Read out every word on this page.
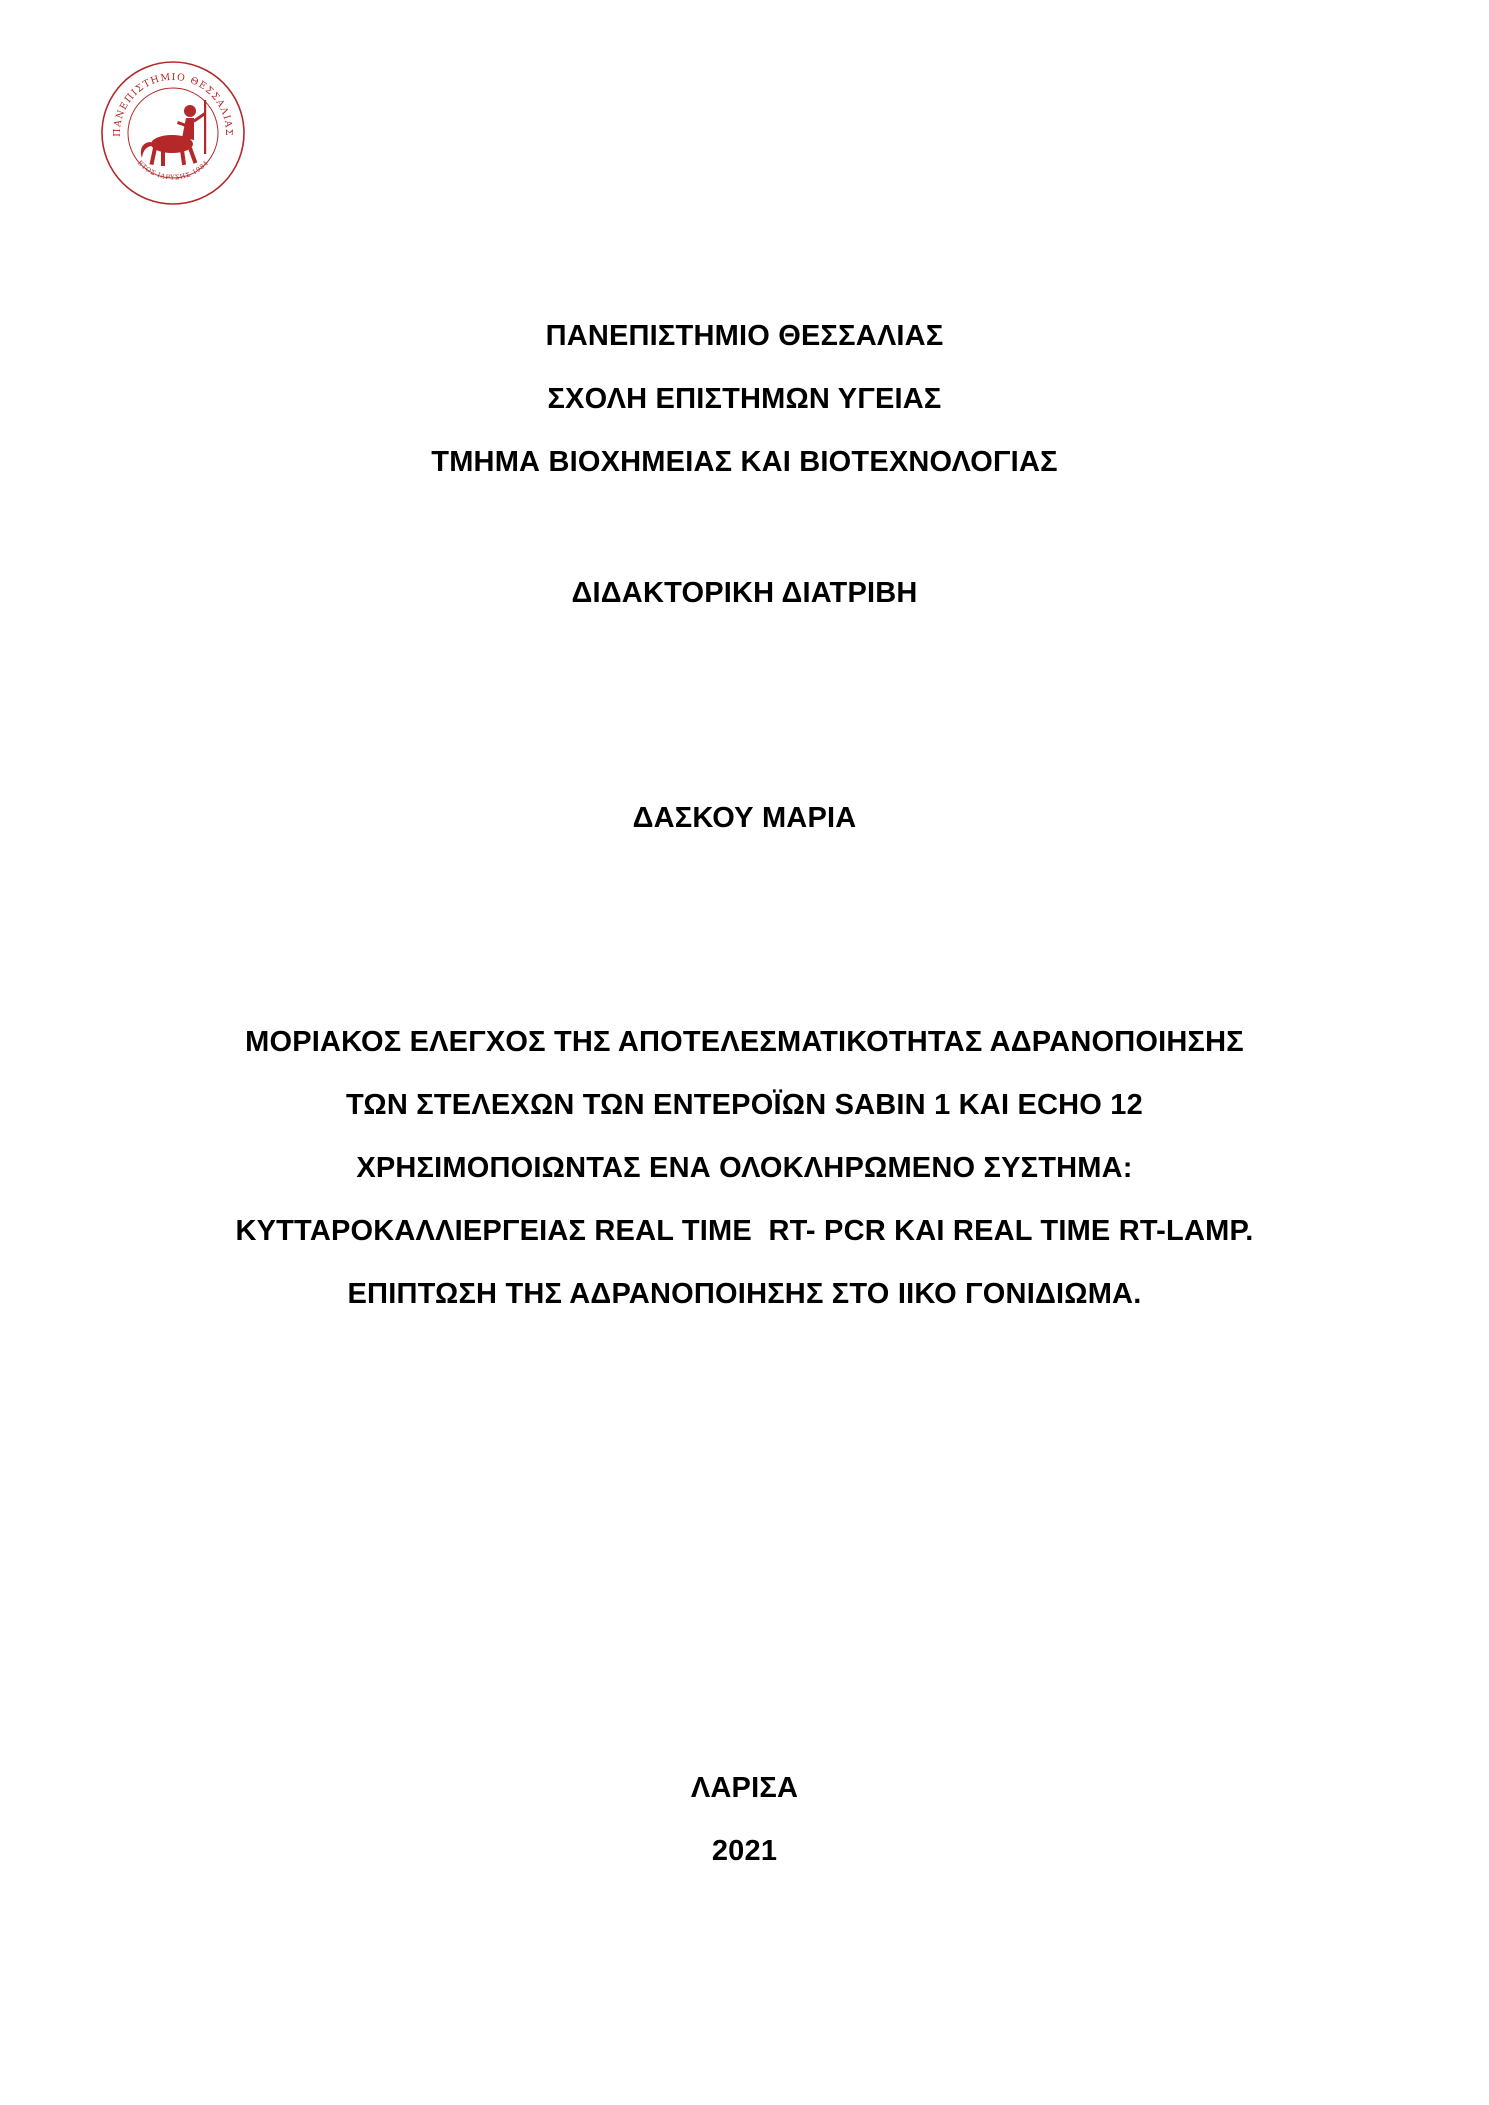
ΠΑΝΕΠΙΣΤΗΜΙΟ ΘΕΣΣΑΛΙΑΣ
ΕΤΟΣ ΙΔΡΥΣΗΣ 1984
ΠΑΝΕΠΙΣΤΗΜΙΟ ΘΕΣΣΑΛΙΑΣ
ΣΧΟΛΗ ΕΠΙΣΤΗΜΩΝ ΥΓΕΙΑΣ
ΤΜΗΜΑ ΒΙΟΧΗΜΕΙΑΣ ΚΑΙ ΒΙΟΤΕΧΝΟΛΟΓΙΑΣ
ΔΙΔΑΚΤΟΡΙΚΗ ΔΙΑΤΡΙΒΗ
ΔΑΣΚΟΥ ΜΑΡΙΑ
ΜΟΡΙΑΚΟΣ ΕΛΕΓΧΟΣ ΤΗΣ ΑΠΟΤΕΛΕΣΜΑΤΙΚΟΤΗΤΑΣ ΑΔΡΑΝΟΠΟΙΗΣΗΣ
ΤΩΝ ΣΤΕΛΕΧΩΝ ΤΩΝ ΕΝΤΕΡΟΪΩΝ SABIN 1 ΚΑΙ ECHO 12
ΧΡΗΣΙΜΟΠΟΙΩΝΤΑΣ ΕΝΑ ΟΛΟΚΛΗΡΩΜΕΝΟ ΣΥΣΤΗΜΑ:
ΚΥΤΤΑΡΟΚΑΛΛΙΕΡΓΕΙΑΣ REAL TIME  RT- PCR ΚΑΙ REAL TIME RT-LAMP.
ΕΠΙΠΤΩΣΗ ΤΗΣ ΑΔΡΑΝΟΠΟΙΗΣΗΣ ΣΤΟ ΙΙΚΟ ΓΟΝΙΔΙΩΜΑ.
ΛΑΡΙΣΑ
2021
